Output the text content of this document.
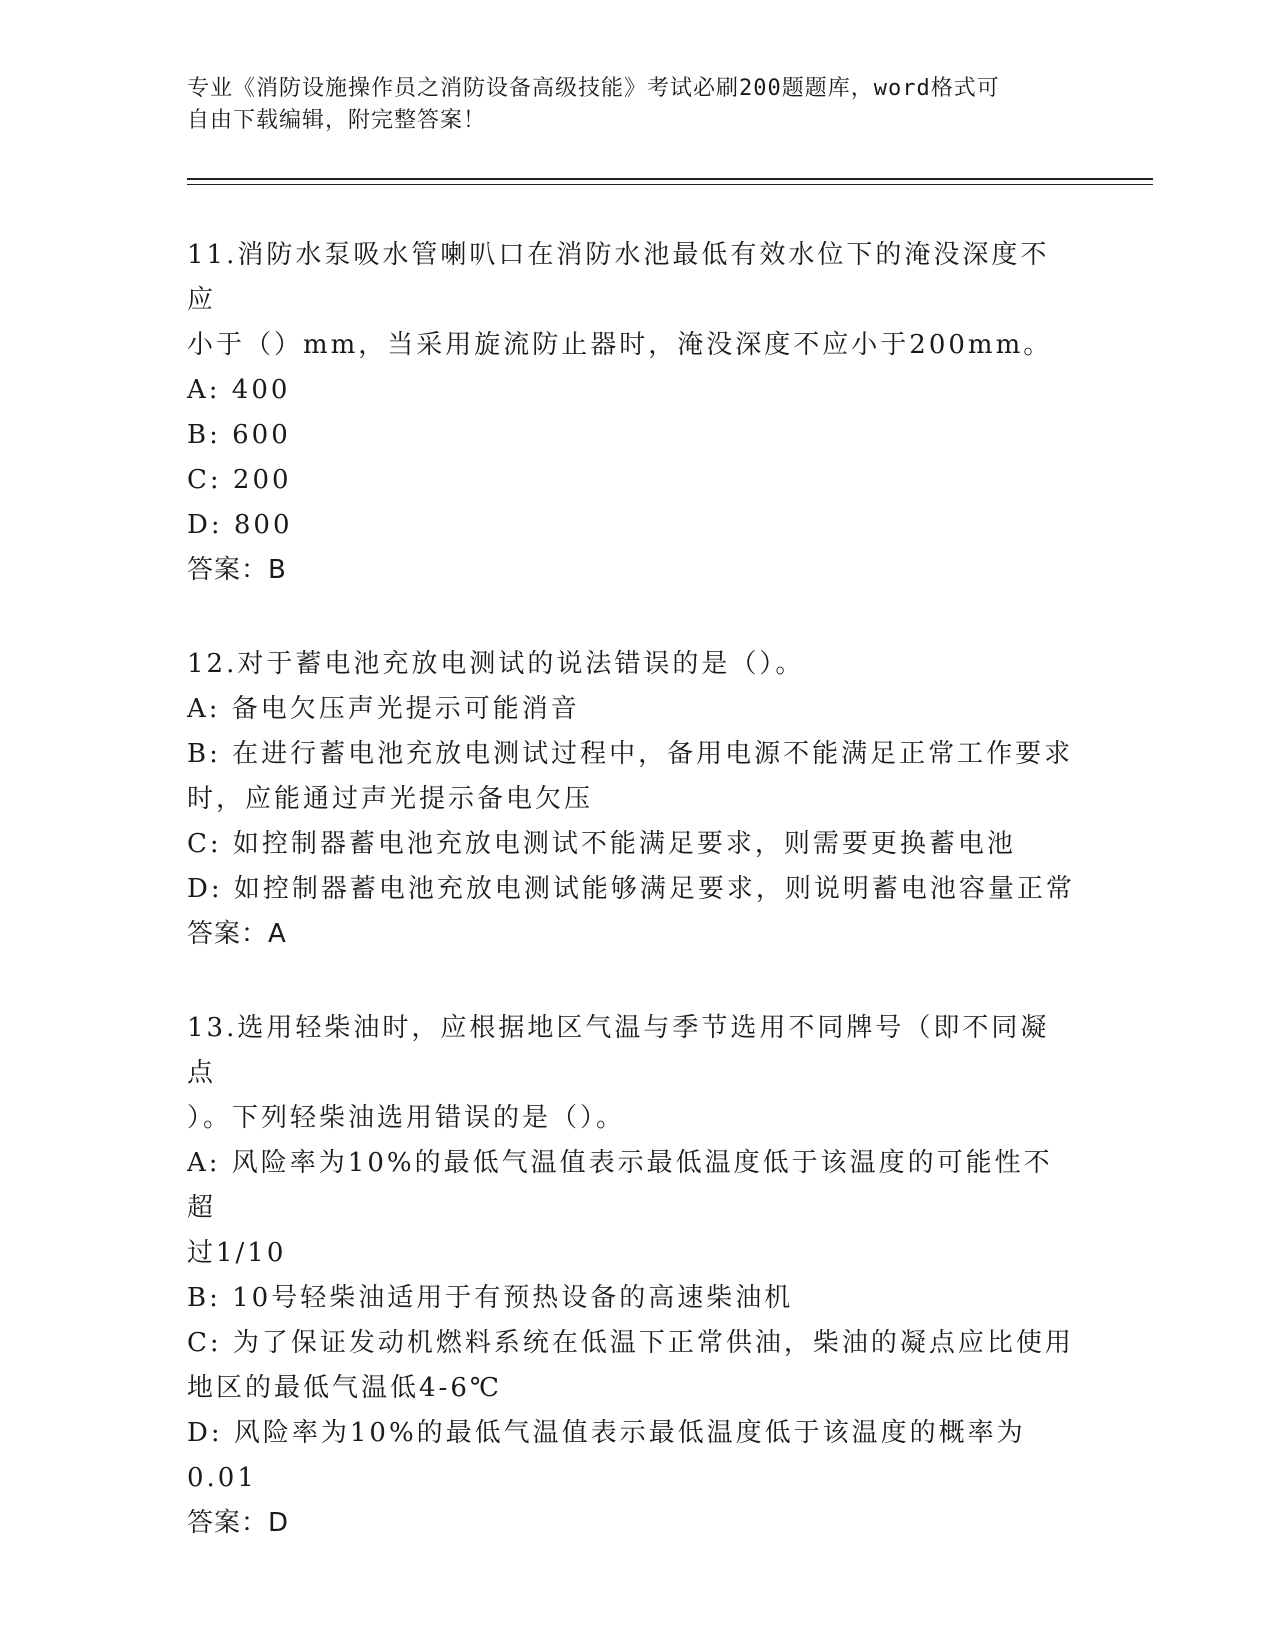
专业《消防设施操作员之消防设备高级技能》考试必刷200题题库，word格式可
自由下载编辑，附完整答案！

11.消防水泵吸水管喇叭口在消防水池最低有效水位下的淹没深度不应

小于（）mm，当采用旋流防止器时，淹没深度不应小于200mm。

A: 400

B: 600

C: 200

D: 800

答案：B

12.对于蓄电池充放电测试的说法错误的是（）。

A: 备电欠压声光提示可能消音

B: 在进行蓄电池充放电测试过程中，备用电源不能满足正常工作要求

时，应能通过声光提示备电欠压

C: 如控制器蓄电池充放电测试不能满足要求，则需要更换蓄电池

D: 如控制器蓄电池充放电测试能够满足要求，则说明蓄电池容量正常

答案：A

13.选用轻柴油时，应根据地区气温与季节选用不同牌号（即不同凝点

）。下列轻柴油选用错误的是（）。

A: 风险率为10%的最低气温值表示最低温度低于该温度的可能性不超

过1/10

B: 10号轻柴油适用于有预热设备的高速柴油机

C: 为了保证发动机燃料系统在低温下正常供油，柴油的凝点应比使用

地区的最低气温低4-6℃

D: 风险率为10%的最低气温值表示最低温度低于该温度的概率为0.01

答案：D
